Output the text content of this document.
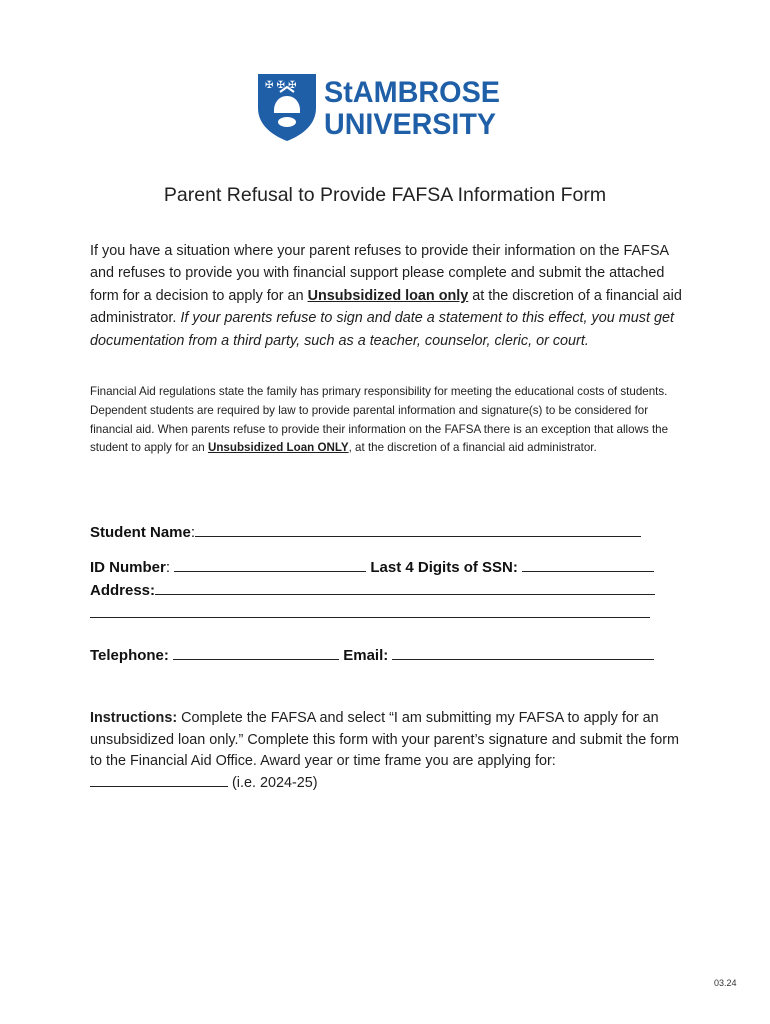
✠ ✠ ✠ StAMBROSE
UNIVERSITY
Parent Refusal to Provide FAFSA Information Form
If you have a situation where your parent refuses to provide their information on the FAFSA and refuses to provide you with financial support please complete and submit the attached form for a decision to apply for an Unsubsidized loan only at the discretion of a financial aid administrator. If your parents refuse to sign and date a statement to this effect, you must get documentation from a third party, such as a teacher, counselor, cleric, or court.
Financial Aid regulations state the family has primary responsibility for meeting the educational costs of students. Dependent students are required by law to provide parental information and signature(s) to be considered for financial aid. When parents refuse to provide their information on the FAFSA there is an exception that allows the student to apply for an Unsubsidized Loan ONLY, at the discretion of a financial aid administrator.
Student Name:
ID Number:	Last 4 Digits of SSN:
Address:
Telephone:	Email:
Instructions: Complete the FAFSA and select “I am submitting my FAFSA to apply for an unsubsidized loan only.” Complete this form with your parent’s signature and submit the form to the Financial Aid Office. Award year or time frame you are applying for:  (i.e. 2024-25)
03.24
